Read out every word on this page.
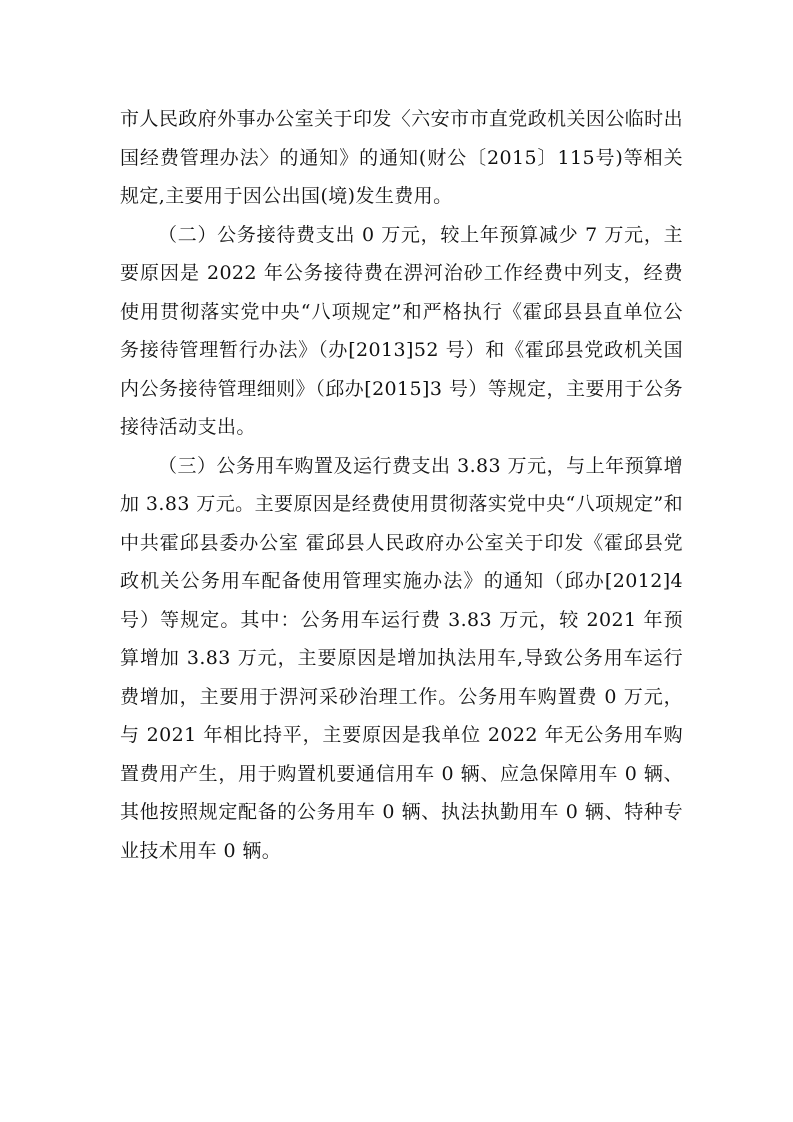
市人民政府外事办公室关于印发〈六安市市直党政机关因公临时出国经费管理办法〉的通知》的通知(财公〔2015〕115号)等相关规定,主要用于因公出国(境)发生费用。

（二）公务接待费支出 0 万元，较上年预算减少 7 万元，主要原因是 2022 年公务接待费在淠河治砂工作经费中列支，经费使用贯彻落实党中央“八项规定”和严格执行《霍邱县县直单位公务接待管理暂行办法》（办[2013]52 号）和《霍邱县党政机关国内公务接待管理细则》（邱办[2015]3 号）等规定，主要用于公务接待活动支出。

（三）公务用车购置及运行费支出 3.83 万元，与上年预算增加 3.83 万元。主要原因是经费使用贯彻落实党中央“八项规定”和中共霍邱县委办公室 霍邱县人民政府办公室关于印发《霍邱县党政机关公务用车配备使用管理实施办法》的通知（邱办[2012]4 号）等规定。其中：公务用车运行费 3.83 万元，较 2021 年预算增加 3.83 万元，主要原因是增加执法用车,导致公务用车运行费增加，主要用于淠河采砂治理工作。公务用车购置费 0 万元，与 2021 年相比持平，主要原因是我单位 2022 年无公务用车购置费用产生，用于购置机要通信用车 0 辆、应急保障用车 0 辆、其他按照规定配备的公务用车 0 辆、执法执勤用车 0 辆、特种专业技术用车 0 辆。
